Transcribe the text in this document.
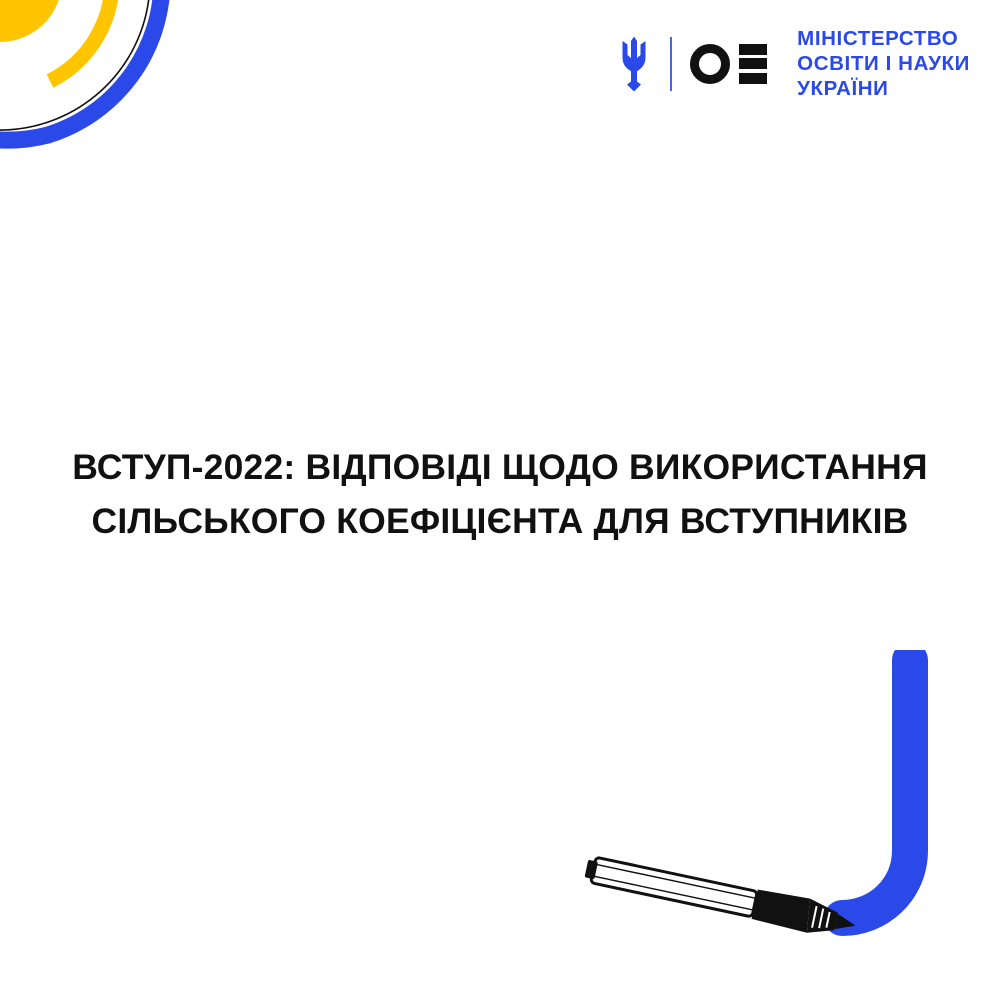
МІНІСТЕРСТВО
ОСВІТИ І НАУКИ
УКРАЇНИ
ВСТУП-2022: ВІДПОВІДІ ЩОДО ВИКОРИСТАННЯ
СІЛЬСЬКОГО КОЕФІЦІЄНТА ДЛЯ ВСТУПНИКІВ
